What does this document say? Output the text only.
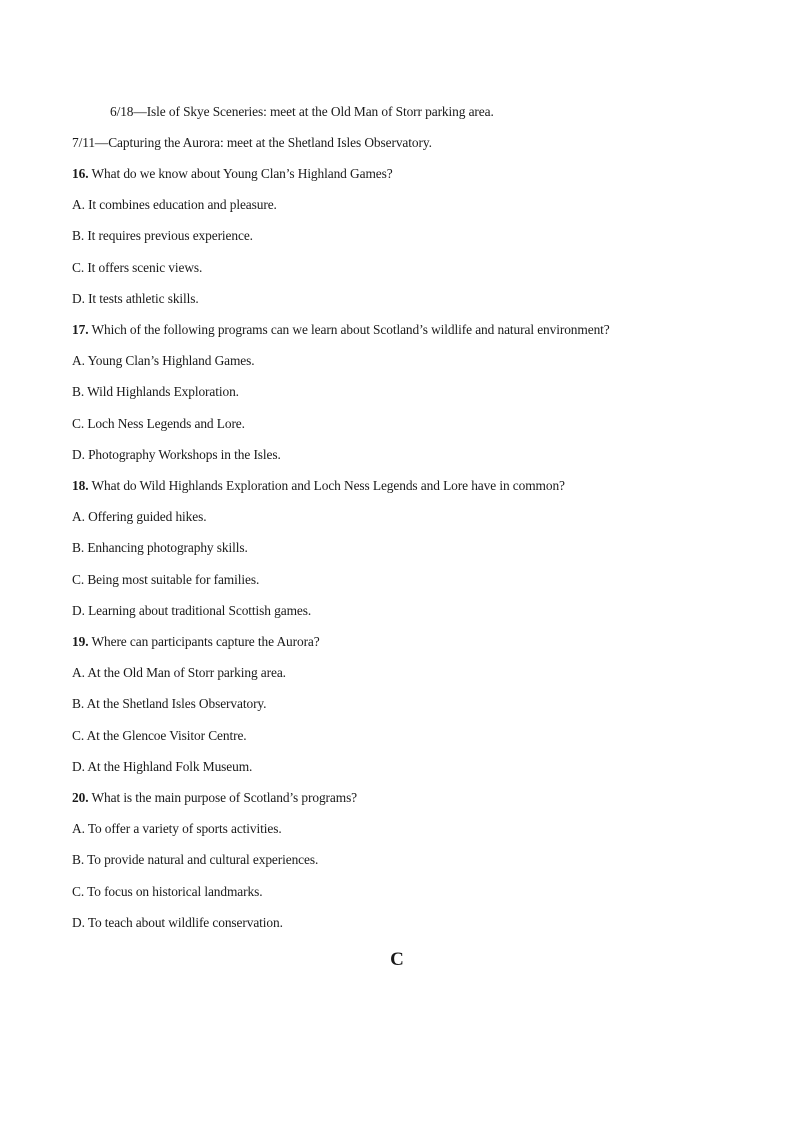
6/18—Isle of Skye Sceneries: meet at the Old Man of Storr parking area.
7/11—Capturing the Aurora: meet at the Shetland Isles Observatory.
16. What do we know about Young Clan’s Highland Games?
A. It combines education and pleasure.
B. It requires previous experience.
C. It offers scenic views.
D. It tests athletic skills.
17. Which of the following programs can we learn about Scotland’s wildlife and natural environment?
A. Young Clan’s Highland Games.
B. Wild Highlands Exploration.
C. Loch Ness Legends and Lore.
D. Photography Workshops in the Isles.
18. What do Wild Highlands Exploration and Loch Ness Legends and Lore have in common?
A. Offering guided hikes.
B. Enhancing photography skills.
C. Being most suitable for families.
D. Learning about traditional Scottish games.
19. Where can participants capture the Aurora?
A. At the Old Man of Storr parking area.
B. At the Shetland Isles Observatory.
C. At the Glencoe Visitor Centre.
D. At the Highland Folk Museum.
20. What is the main purpose of Scotland’s programs?
A. To offer a variety of sports activities.
B. To provide natural and cultural experiences.
C. To focus on historical landmarks.
D. To teach about wildlife conservation.
C
